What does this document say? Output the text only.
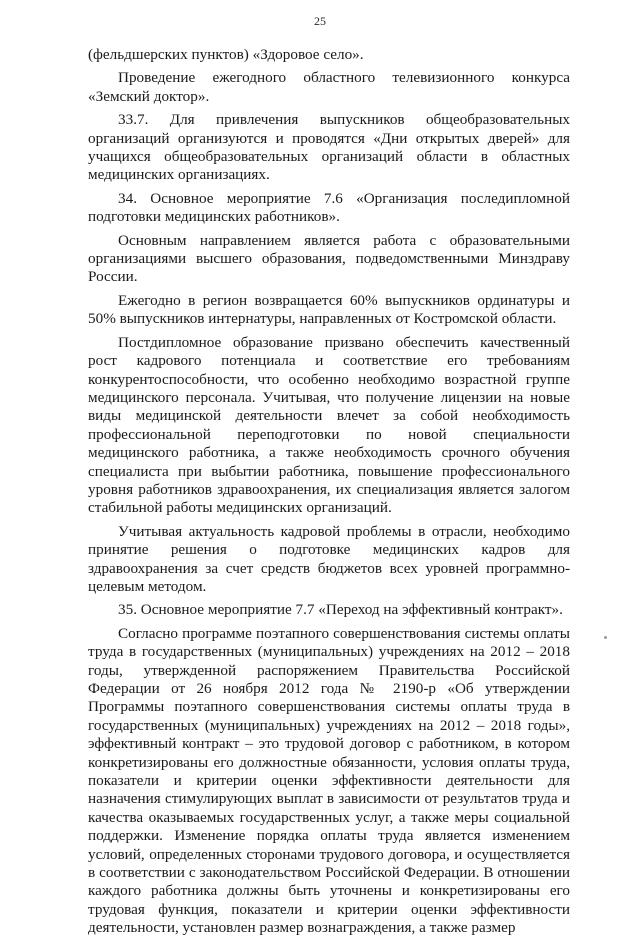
25

(фельдшерских пунктов) «Здоровое село».

Проведение ежегодного областного телевизионного конкурса «Земский доктор».

33.7. Для привлечения выпускников общеобразовательных организаций организуются и проводятся «Дни открытых дверей» для учащихся общеобразовательных организаций области в областных медицинских организациях.

34. Основное мероприятие 7.6 «Организация последипломной подготовки медицинских работников».

Основным направлением является работа с образовательными организациями высшего образования, подведомственными Минздраву России.

Ежегодно в регион возвращается 60% выпускников ординатуры и 50% выпускников интернатуры, направленных от Костромской области.

Постдипломное образование призвано обеспечить качественный рост кадрового потенциала и соответствие его требованиям конкурентоспособности, что особенно необходимо возрастной группе медицинского персонала. Учитывая, что получение лицензии на новые виды медицинской деятельности влечет за собой необходимость профессиональной переподготовки по новой специальности медицинского работника, а также необходимость срочного обучения специалиста при выбытии работника, повышение профессионального уровня работников здравоохранения, их специализация является залогом стабильной работы медицинских организаций.

Учитывая актуальность кадровой проблемы в отрасли, необходимо принятие решения о подготовке медицинских кадров для здравоохранения за счет средств бюджетов всех уровней программно-целевым методом.

35. Основное мероприятие 7.7 «Переход на эффективный контракт».

Согласно программе поэтапного совершенствования системы оплаты труда в государственных (муниципальных) учреждениях на 2012 – 2018 годы, утвержденной распоряжением Правительства Российской Федерации от 26 ноября 2012 года № 2190-р «Об утверждении Программы поэтапного совершенствования системы оплаты труда в государственных (муниципальных) учреждениях на 2012 – 2018 годы», эффективный контракт – это трудовой договор с работником, в котором конкретизированы его должностные обязанности, условия оплаты труда, показатели и критерии оценки эффективности деятельности для назначения стимулирующих выплат в зависимости от результатов труда и качества оказываемых государственных услуг, а также меры социальной поддержки. Изменение порядка оплаты труда является изменением условий, определенных сторонами трудового договора, и осуществляется в соответствии с законодательством Российской Федерации. В отношении каждого работника должны быть уточнены и конкретизированы его трудовая функция, показатели и критерии оценки эффективности деятельности, установлен размер вознаграждения, а также размер
